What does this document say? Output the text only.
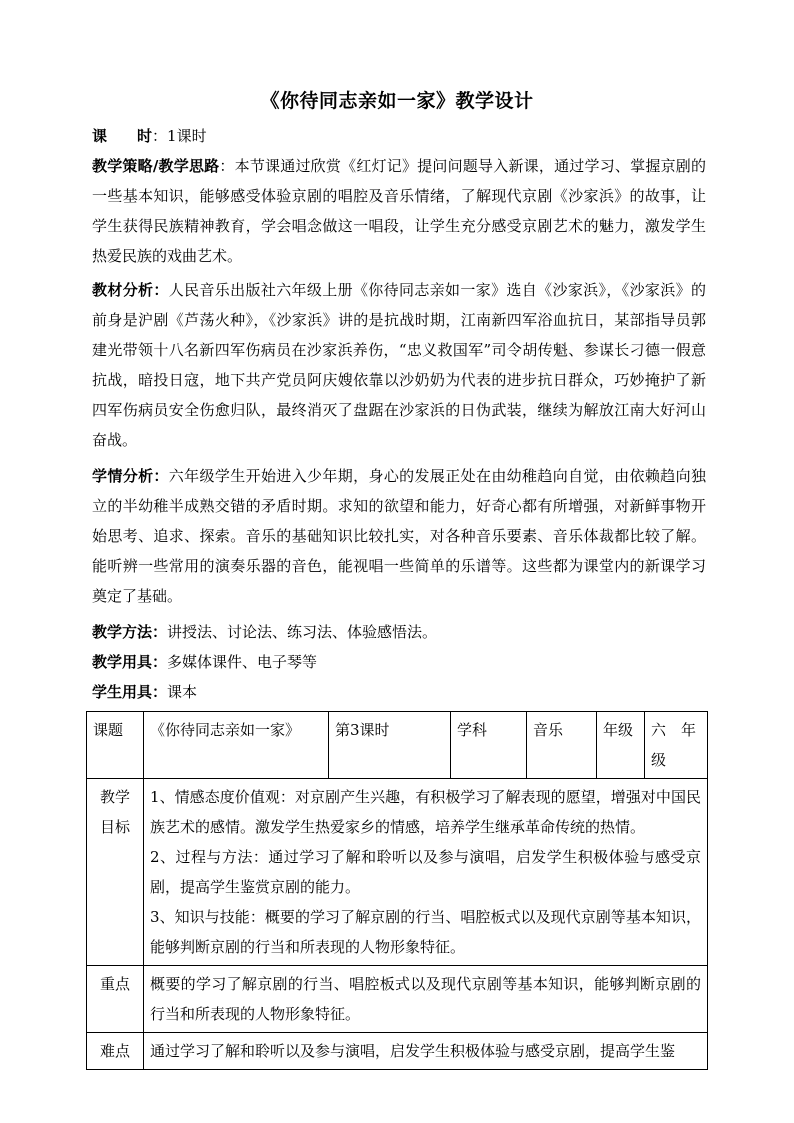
《你待同志亲如一家》教学设计
课 时：1课时
教学策略/教学思路：本节课通过欣赏《红灯记》提问问题导入新课，通过学习、掌握京剧的一些基本知识，能够感受体验京剧的唱腔及音乐情绪，了解现代京剧《沙家浜》的故事，让学生获得民族精神教育，学会唱念做这一唱段，让学生充分感受京剧艺术的魅力，激发学生热爱民族的戏曲艺术。
教材分析：人民音乐出版社六年级上册《你待同志亲如一家》选自《沙家浜》，《沙家浜》的前身是沪剧《芦荡火种》，《沙家浜》讲的是抗战时期，江南新四军浴血抗日，某部指导员郭建光带领十八名新四军伤病员在沙家浜养伤，“忠义救国军”司令胡传魁、参谋长刁德一假意抗战，暗投日寇，地下共产党员阿庆嫂依靠以沙奶奶为代表的进步抗日群众，巧妙掩护了新四军伤病员安全伤愈归队，最终消灭了盘踞在沙家浜的日伪武装，继续为解放江南大好河山奋战。
学情分析：六年级学生开始进入少年期，身心的发展正处在由幼稚趋向自觉，由依赖趋向独立的半幼稚半成熟交错的矛盾时期。求知的欲望和能力，好奇心都有所增强，对新鲜事物开始思考、追求、探索。音乐的基础知识比较扎实，对各种音乐要素、音乐体裁都比较了解。能听辨一些常用的演奏乐器的音色，能视唱一些简单的乐谱等。这些都为课堂内的新课学习奠定了基础。
教学方法：讲授法、讨论法、练习法、体验感悟法。
教学用具：多媒体课件、电子琴等
学生用具：课本
课题	《你待同志亲如一家》	第3课时	学科	音乐	年级	六　年级
教学目标	1、情感态度价值观：对京剧产生兴趣，有积极学习了解表现的愿望，增强对中国民族艺术的感情。激发学生热爱家乡的情感，培养学生继承革命传统的热情。
2、过程与方法：通过学习了解和聆听以及参与演唱，启发学生积极体验与感受京剧，提高学生鉴赏京剧的能力。
3、知识与技能：概要的学习了解京剧的行当、唱腔板式以及现代京剧等基本知识，能够判断京剧的行当和所表现的人物形象特征。					

重点	概要的学习了解京剧的行当、唱腔板式以及现代京剧等基本知识，能够判断京剧的行当和所表现的人物形象特征。					
难点	通过学习了解和聆听以及参与演唱，启发学生积极体验与感受京剧，提高学生鉴					
